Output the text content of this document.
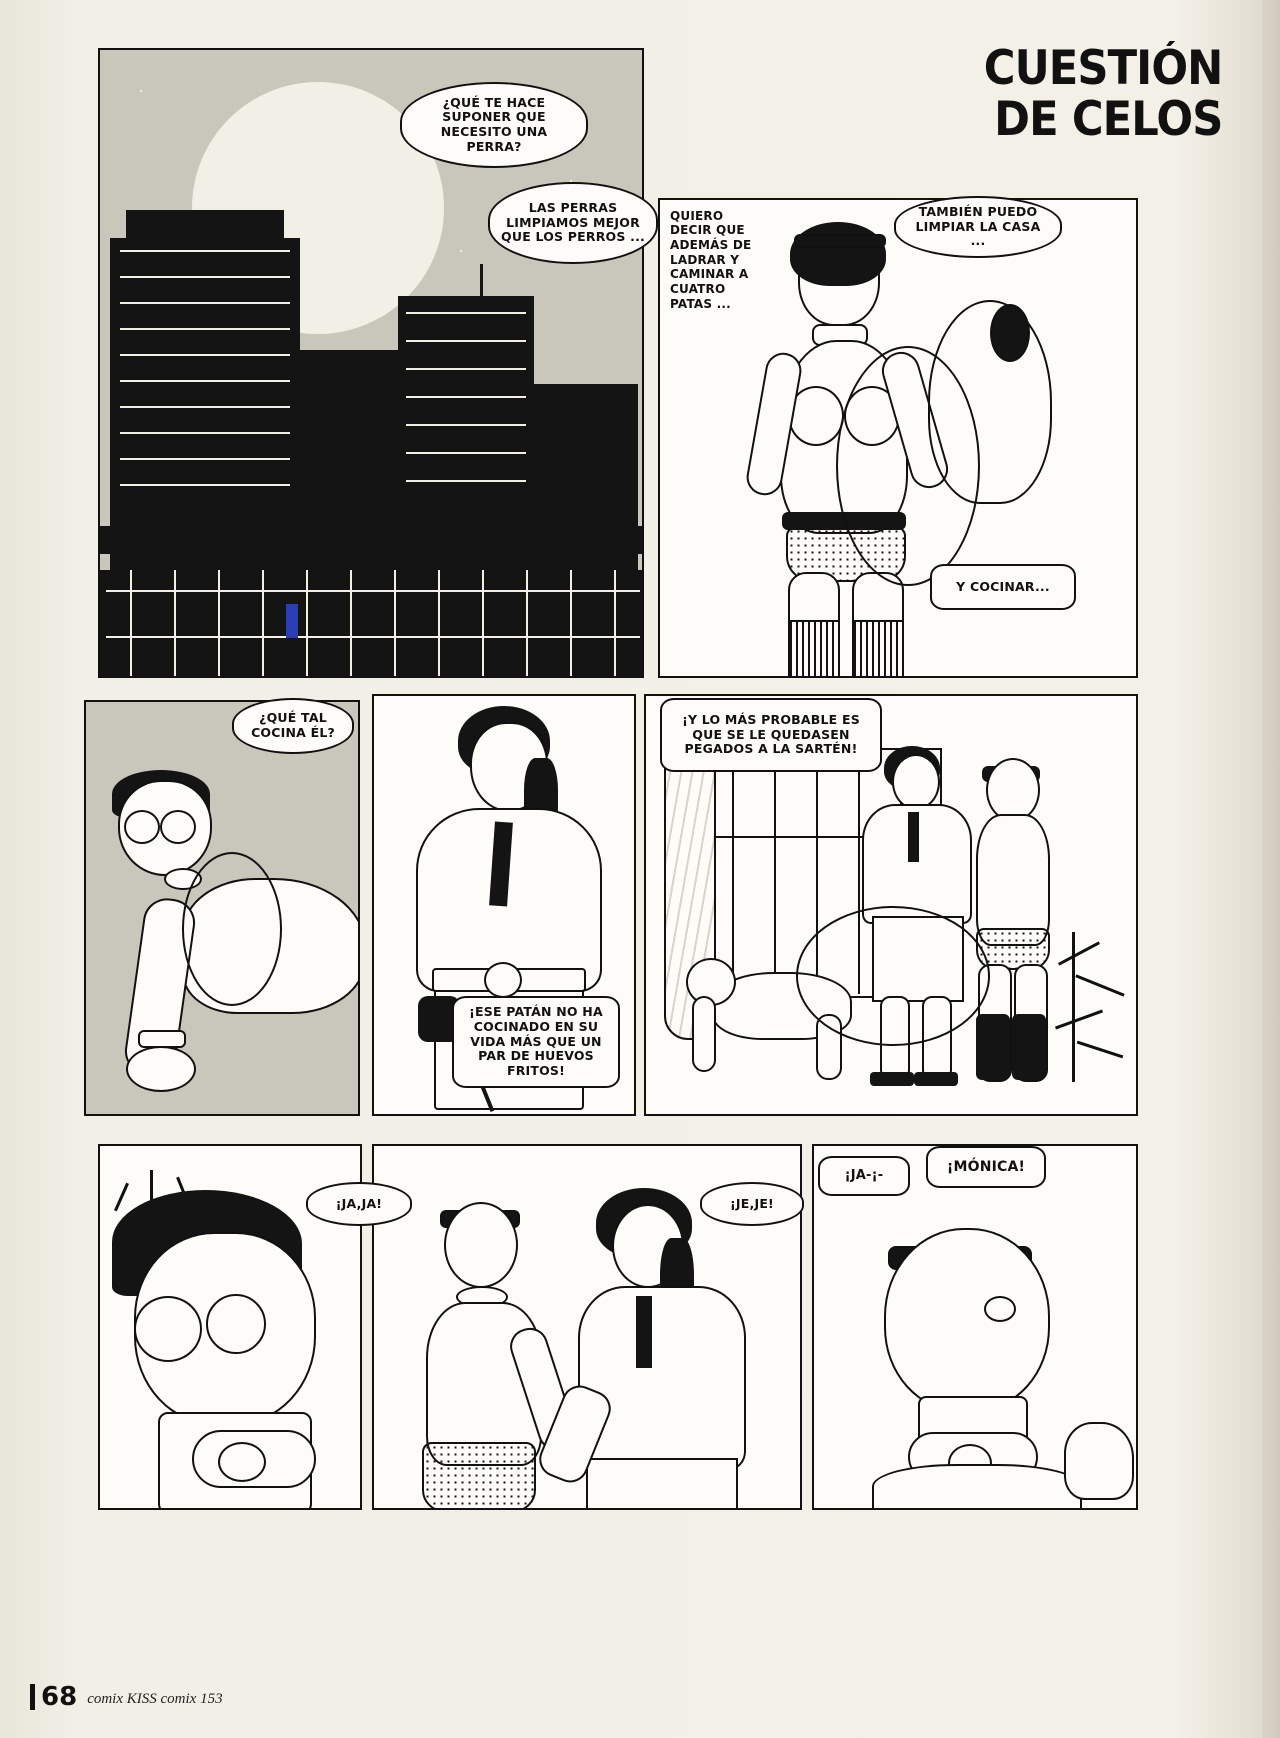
CUESTIÓN
DE CELOS
¿QUÉ TE HACE SUPONER QUE NECESITO UNA PERRA?
LAS PERRAS LIMPIAMOS MEJOR QUE LOS PERROS ...
QUIERO DECIR QUE ADEMÁS DE LADRAR Y CAMINAR A CUATRO PATAS ...
TAMBIÉN PUEDO LIMPIAR LA CASA ...
Y COCINAR...
¿QUÉ TAL COCINA ÉL?
¡ESE PATÁN NO HA COCINADO EN SU VIDA MÁS QUE UN PAR DE HUEVOS FRITOS!
¡Y LO MÁS PROBABLE ES QUE SE LE QUEDASEN PEGADOS A LA SARTÉN!
¡JA,JA!	¡JE,JE!
¡JA-¡-
¡MÓNICA!
68 comix KISS comix 153
